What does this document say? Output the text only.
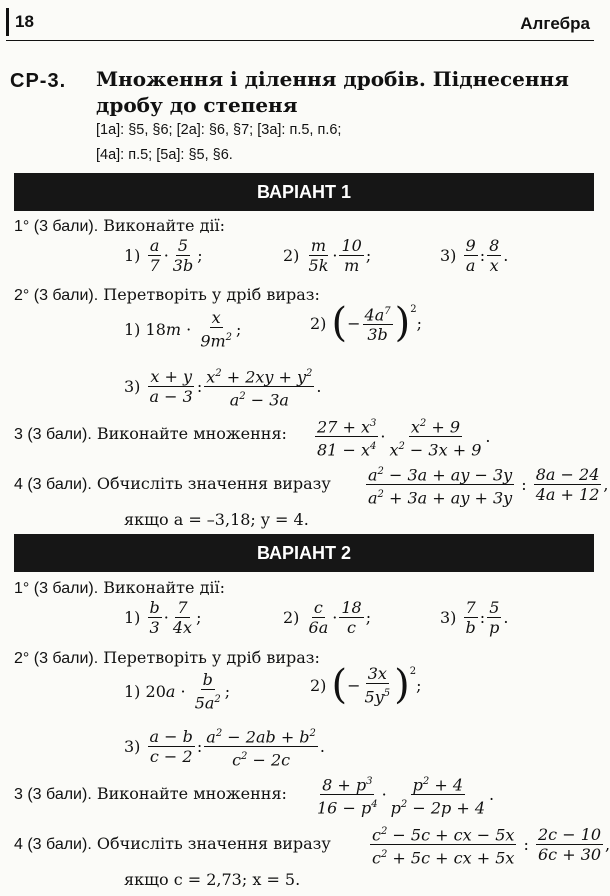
18	Алгебра
СР-3. Множення і ділення дробів. Піднесення дробу до степеня
[1а]: §5, §6; [2а]: §6, §7; [3а]: п.5, п.6;
[4а]: п.5; [5а]: §5, §6.
ВАРІАНТ 1
1° (3 бали). Виконайте дії:
$1) \frac{a}{7} \cdot \frac{5}{3b}$ ;	$2) \frac{m}{5k} \cdot \frac{10}{m}$ ;	$3) \frac{9}{a}$ : $\frac{8}{x}$ .
2° (3 бали). Перетворіть у дріб вираз:
1) 18 $m \cdot \frac{x}{9m^2}$ ;	2) ( − $\frac{4a^7}{3b} )^2$
;
$3) \frac{x + y}{a - 3}$ : $\frac{x^2 + 2xy + y^2}{a^2 - 3a}$ .
3 (3 бали). Виконайте множення: $\frac{27 + x^3}{81 - x^4} \cdot \frac{x^2 + 9}{x^2 - 3x + 9}$ .
4 (3 бали). Обчисліть значення виразу $\frac{a^2 - 3a + ay - 3y}{a^2 + 3a + ay + 3y}$ : $\frac{8a - 24}{4a + 12}$ ,
якщо a = –3,18; y = 4.
ВАРІАНТ 2
1° (3 бали). Виконайте дії:
$1) \frac{b}{3} \cdot \frac{7}{4x}$ ;	$2) \frac{c}{6a} \cdot \frac{18}{c}$ ;	$3) \frac{7}{b}$ : $\frac{5}{p}$ .
2° (3 бали). Перетворіть у дріб вираз:
1) 20 $a \cdot \frac{b}{5a^2}$ ;	2) ( − $\frac{3x}{5y^5} )^2$
;
$3) \frac{a - b}{c - 2}$ : $\frac{a^2 - 2ab + b^2}{c^2 - 2c}$ .
3 (3 бали). Виконайте множення: $\frac{8 + p^3}{16 - p^4} \cdot \frac{p^2 + 4}{p^2 - 2p + 4}$ .
4 (3 бали). Обчисліть значення виразу $\frac{c^2 - 5c + cx - 5x}{c^2 + 5c + cx + 5x}$ : $\frac{2c - 10}{6c + 30}$ ,
якщо c = 2,73; x = 5.
